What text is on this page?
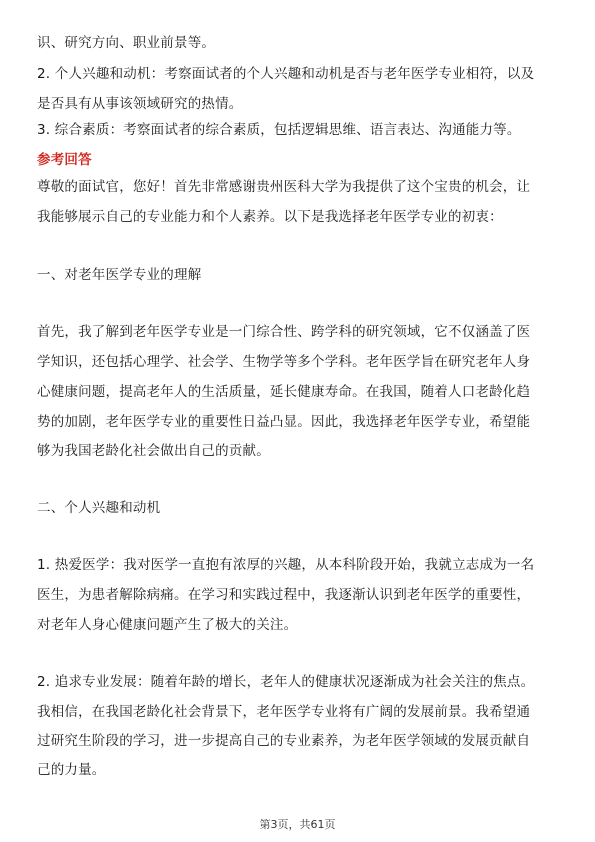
识、研究方向、职业前景等。
2. 个人兴趣和动机：考察面试者的个人兴趣和动机是否与老年医学专业相符，以及
是否具有从事该领域研究的热情。
3. 综合素质：考察面试者的综合素质，包括逻辑思维、语言表达、沟通能力等。
参考回答
尊敬的面试官，您好！首先非常感谢贵州医科大学为我提供了这个宝贵的机会，让
我能够展示自己的专业能力和个人素养。以下是我选择老年医学专业的初衷：
一、对老年医学专业的理解
首先，我了解到老年医学专业是一门综合性、跨学科的研究领域，它不仅涵盖了医
学知识，还包括心理学、社会学、生物学等多个学科。老年医学旨在研究老年人身
心健康问题，提高老年人的生活质量，延长健康寿命。在我国，随着人口老龄化趋
势的加剧，老年医学专业的重要性日益凸显。因此，我选择老年医学专业，希望能
够为我国老龄化社会做出自己的贡献。
二、个人兴趣和动机
1. 热爱医学：我对医学一直抱有浓厚的兴趣，从本科阶段开始，我就立志成为一名
医生，为患者解除病痛。在学习和实践过程中，我逐渐认识到老年医学的重要性，
对老年人身心健康问题产生了极大的关注。
2. 追求专业发展：随着年龄的增长，老年人的健康状况逐渐成为社会关注的焦点。
我相信，在我国老龄化社会背景下，老年医学专业将有广阔的发展前景。我希望通
过研究生阶段的学习，进一步提高自己的专业素养，为老年医学领域的发展贡献自
己的力量。
第3页，共61页
